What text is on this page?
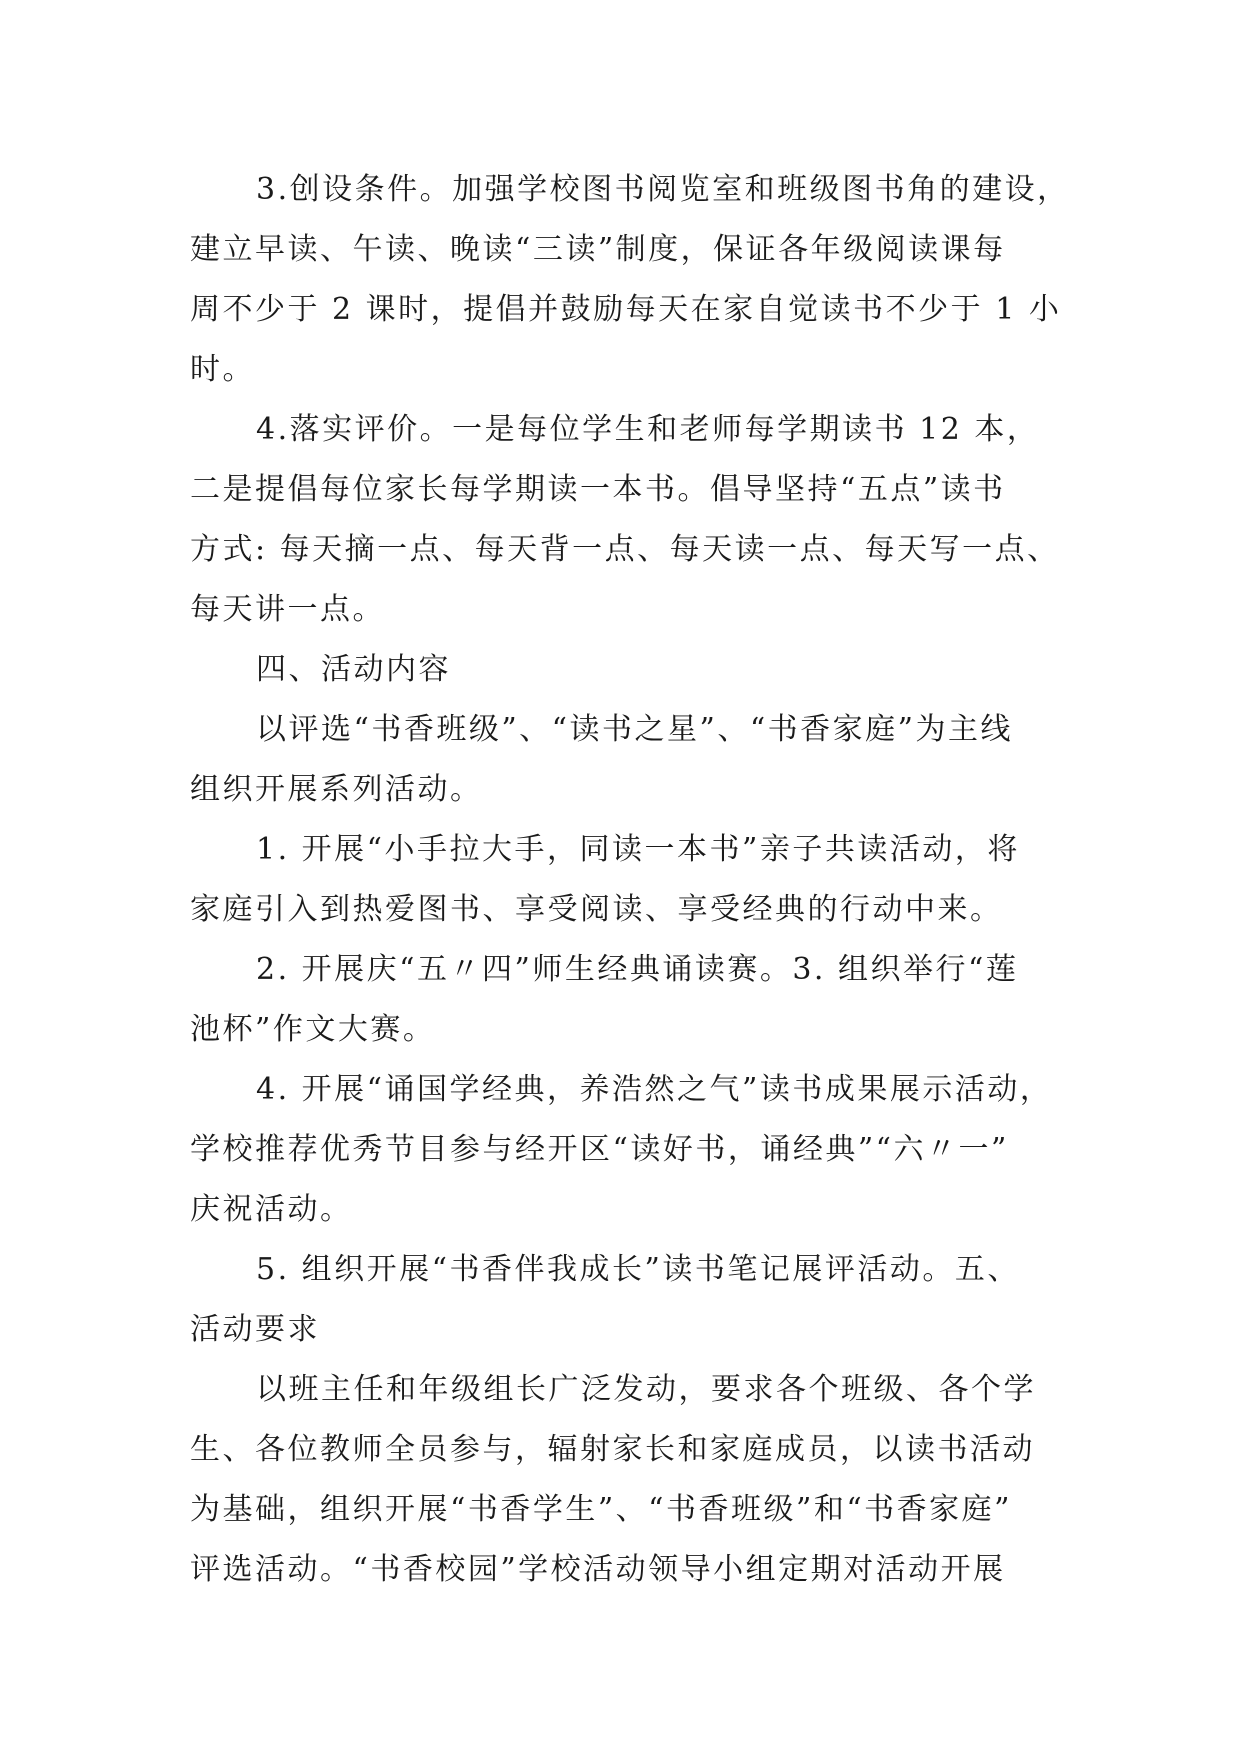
3.创设条件。加强学校图书阅览室和班级图书角的建设，
建立早读、午读、晚读“三读”制度，保证各年级阅读课每
周不少于 2 课时，提倡并鼓励每天在家自觉读书不少于 1 小
时。

4.落实评价。一是每位学生和老师每学期读书 12 本，
二是提倡每位家长每学期读一本书。倡导坚持“五点”读书
方式: 每天摘一点、每天背一点、每天读一点、每天写一点、
每天讲一点。

四、活动内容

以评选“书香班级”、“读书之星”、“书香家庭”为主线
组织开展系列活动。

1. 开展“小手拉大手，同读一本书”亲子共读活动，将
家庭引入到热爱图书、享受阅读、享受经典的行动中来。

2. 开展庆“五〃四”师生经典诵读赛。3. 组织举行“莲
池杯”作文大赛。

4. 开展“诵国学经典，养浩然之气”读书成果展示活动，
学校推荐优秀节目参与经开区“读好书，诵经典”“六〃一”
庆祝活动。

5. 组织开展“书香伴我成长”读书笔记展评活动。五、
活动要求

以班主任和年级组长广泛发动，要求各个班级、各个学
生、各位教师全员参与，辐射家长和家庭成员，以读书活动
为基础，组织开展“书香学生”、“书香班级”和“书香家庭”
评选活动。“书香校园”学校活动领导小组定期对活动开展
